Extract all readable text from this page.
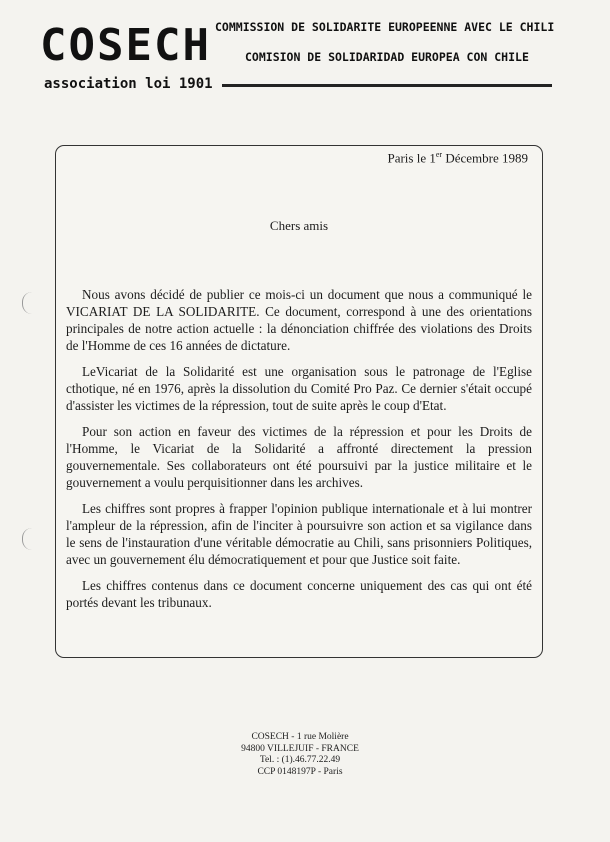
COSECH
association loi 1901
COMMISSION DE SOLIDARITE EUROPEENNE AVEC LE CHILI
COMISION DE SOLIDARIDAD EUROPEA CON CHILE
Paris le 1er Décembre 1989
Chers amis

Nous avons décidé de publier ce mois-ci un document que nous a communiqué le VICARIAT DE LA SOLIDARITE. Ce document, correspond à une des orientations principales de notre action actuelle : la dénonciation chiffrée des violations des Droits de l'Homme de ces 16 années de dictature.

LeVicariat de la Solidarité est une organisation sous le patronage de l'Eglise cthotique, né en 1976, après la dissolution du Comité Pro Paz. Ce dernier s'était occupé d'assister les victimes de la répression, tout de suite après le coup d'Etat.

Pour son action en faveur des victimes de la répression et pour les Droits de l'Homme, le Vicariat de la Solidarité a affronté directement la pression gouvernementale. Ses collaborateurs ont été poursuivi par la justice militaire et le gouvernement a voulu perquisitionner dans les archives.

Les chiffres sont propres à frapper l'opinion publique internationale et à lui montrer l'ampleur de la répression, afin de l'inciter à poursuivre son action et sa vigilance dans le sens de l'instauration d'une véritable démocratie au Chili, sans prisonniers Politiques, avec un gouvernement élu démocratiquement et pour que Justice soit faite.

Les chiffres contenus dans ce document concerne uniquement des cas qui ont été portés devant les tribunaux.

COSECH - 1 rue Molière
94800 VILLEJUIF - FRANCE
Tel. : (1).46.77.22.49
CCP 0148197P - Paris
